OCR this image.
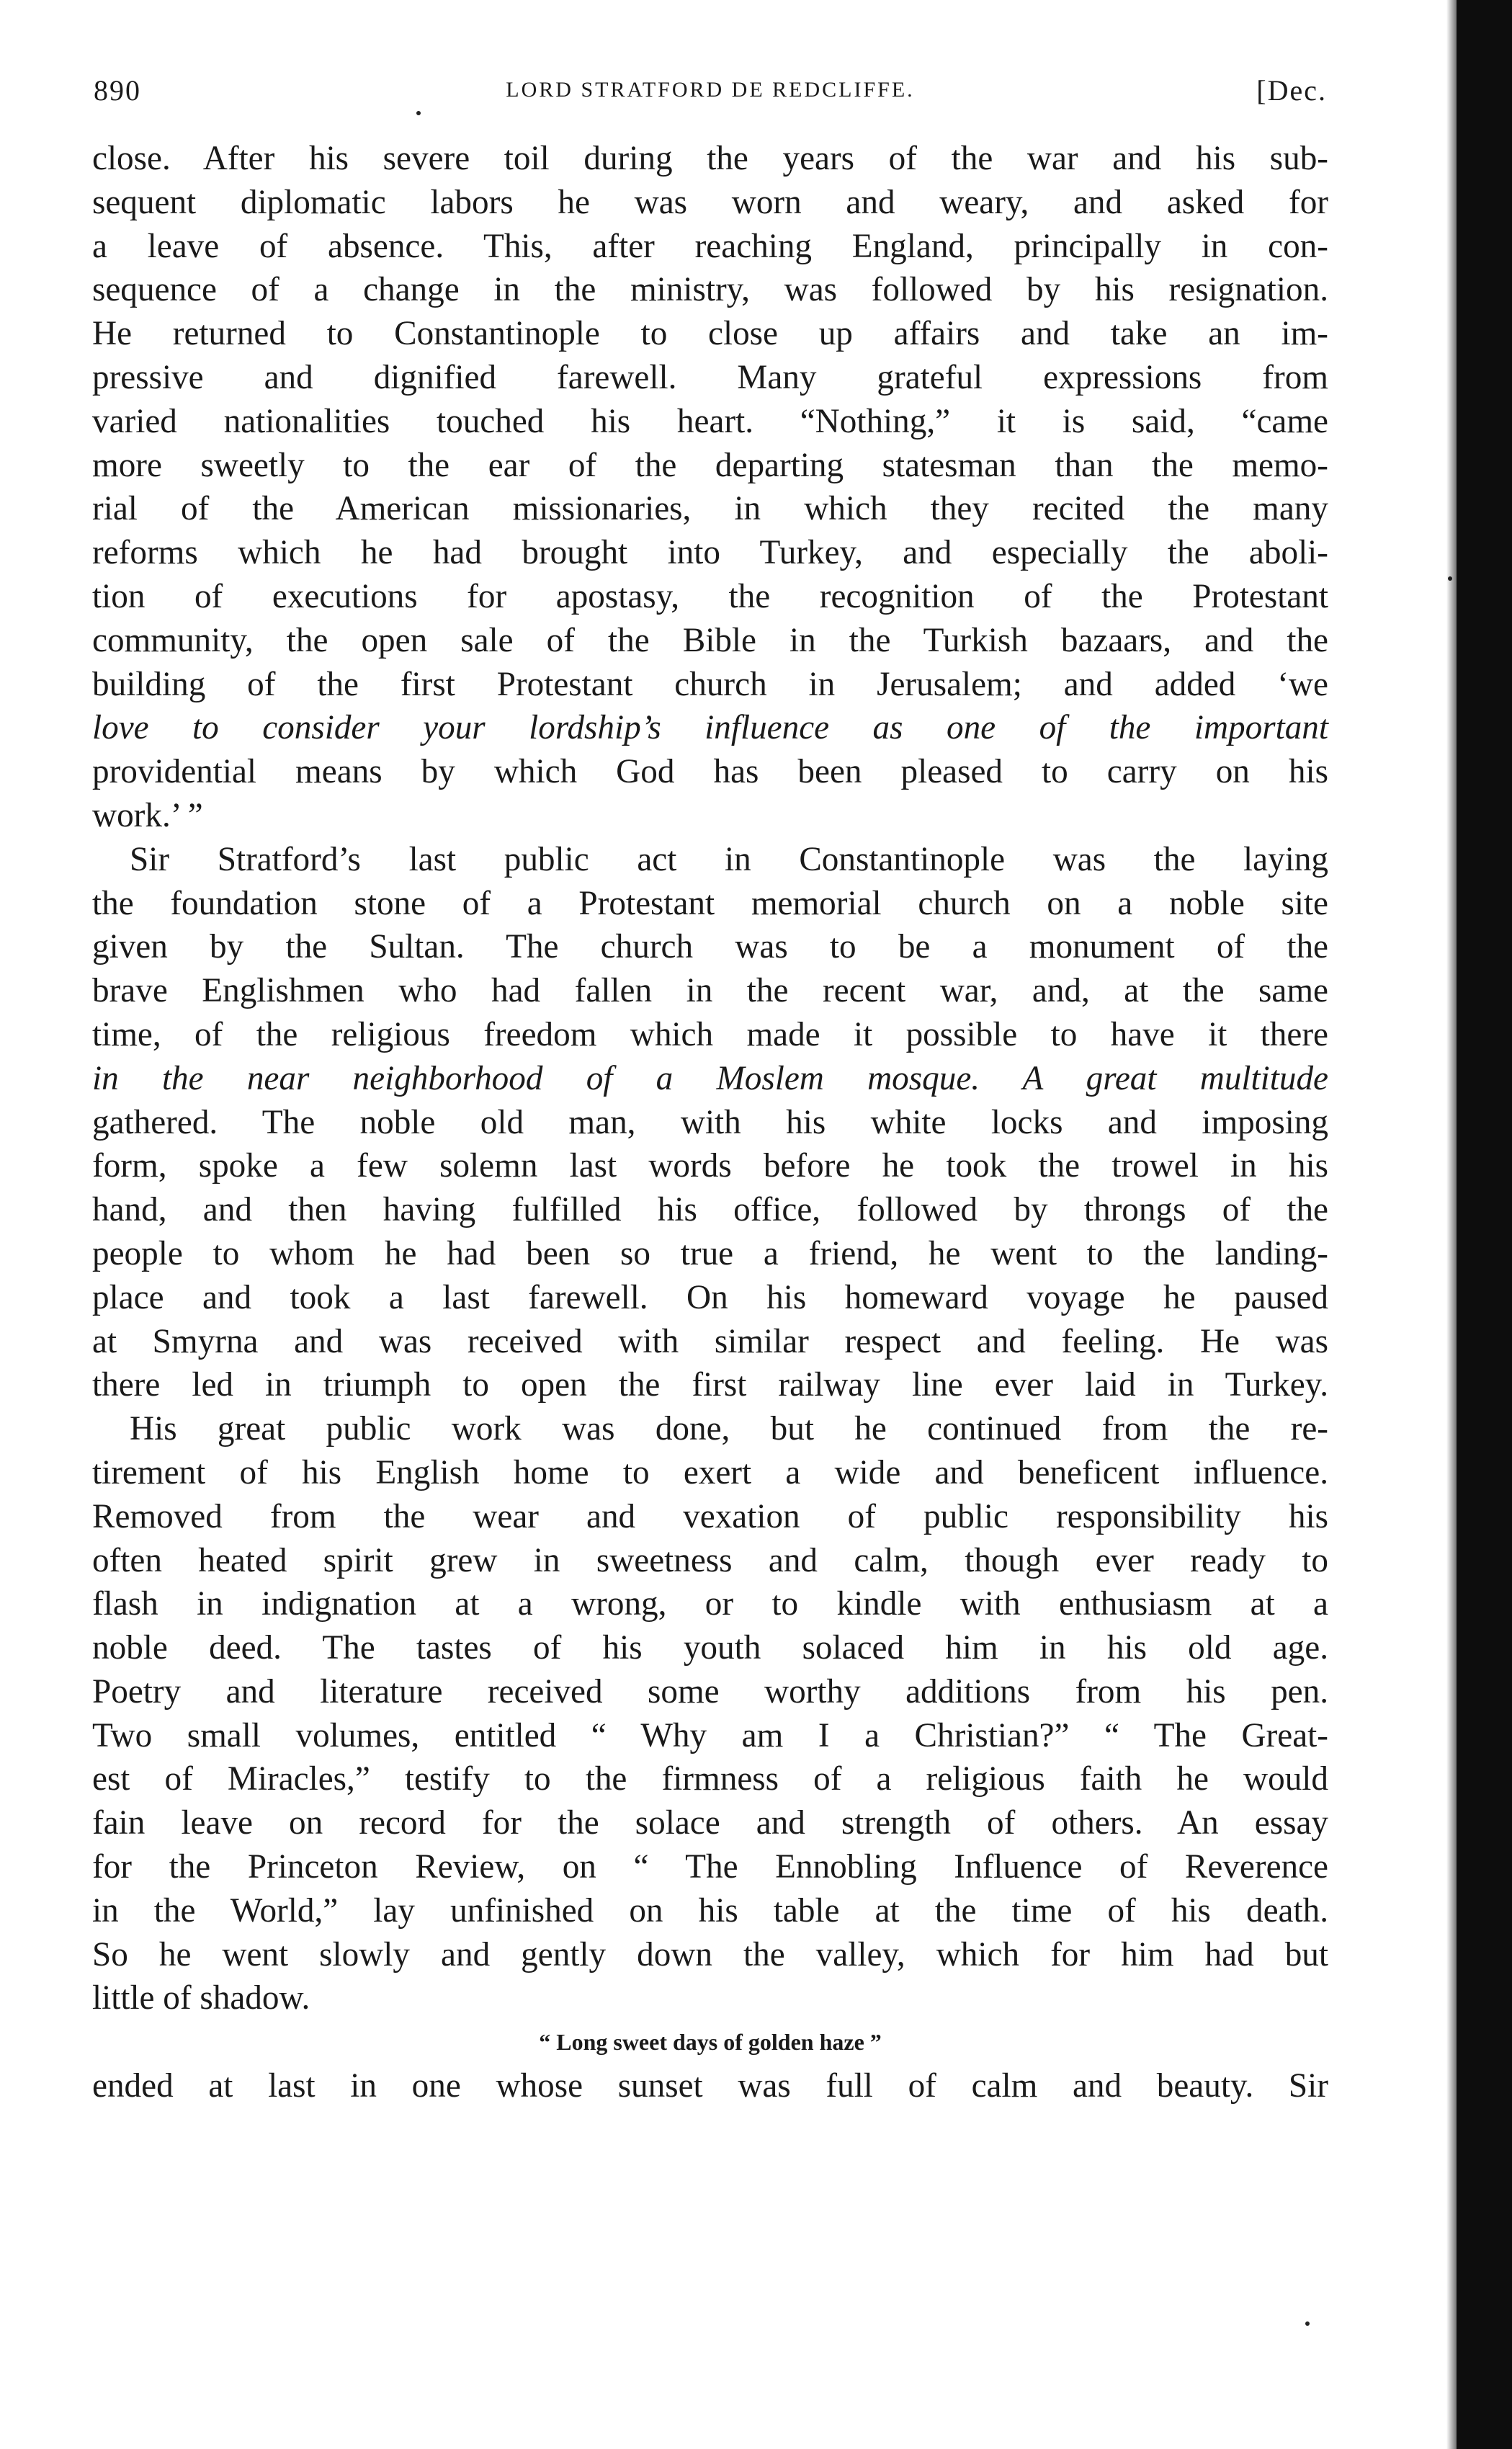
890	LORD STRATFORD DE REDCLIFFE.	[Dec.
close. After his severe toil during the years of the war and his sub-
sequent diplomatic labors he was worn and weary, and asked for
a leave of absence. This, after reaching England, principally in con-
sequence of a change in the ministry, was followed by his resignation.
He returned to Constantinople to close up affairs and take an im-
pressive and dignified farewell. Many grateful expressions from
varied nationalities touched his heart. “Nothing,” it is said, “came
more sweetly to the ear of the departing statesman than the memo-
rial of the American missionaries, in which they recited the many
reforms which he had brought into Turkey, and especially the aboli-
tion of executions for apostasy, the recognition of the Protestant
community, the open sale of the Bible in the Turkish bazaars, and the
building of the first Protestant church in Jerusalem; and added ‘we
love to consider your lordship’s influence as one of the important
providential means by which God has been pleased to carry on his
work.’ ”
Sir Stratford’s last public act in Constantinople was the laying
the foundation stone of a Protestant memorial church on a noble site
given by the Sultan. The church was to be a monument of the
brave Englishmen who had fallen in the recent war, and, at the same
time, of the religious freedom which made it possible to have it there
in the near neighborhood of a Moslem mosque. A great multitude
gathered. The noble old man, with his white locks and imposing
form, spoke a few solemn last words before he took the trowel in his
hand, and then having fulfilled his office, followed by throngs of the
people to whom he had been so true a friend, he went to the landing-
place and took a last farewell. On his homeward voyage he paused
at Smyrna and was received with similar respect and feeling. He was
there led in triumph to open the first railway line ever laid in Turkey.
His great public work was done, but he continued from the re-
tirement of his English home to exert a wide and beneficent influence.
Removed from the wear and vexation of public responsibility his
often heated spirit grew in sweetness and calm, though ever ready to
flash in indignation at a wrong, or to kindle with enthusiasm at a
noble deed. The tastes of his youth solaced him in his old age.
Poetry and literature received some worthy additions from his pen.
Two small volumes, entitled “ Why am I a Christian?” “ The Great-
est of Miracles,” testify to the firmness of a religious faith he would
fain leave on record for the solace and strength of others. An essay
for the Princeton Review, on “ The Ennobling Influence of Reverence
in the World,” lay unfinished on his table at the time of his death.
So he went slowly and gently down the valley, which for him had but
little of shadow.
“ Long sweet days of golden haze ”
ended at last in one whose sunset was full of calm and beauty. Sir
